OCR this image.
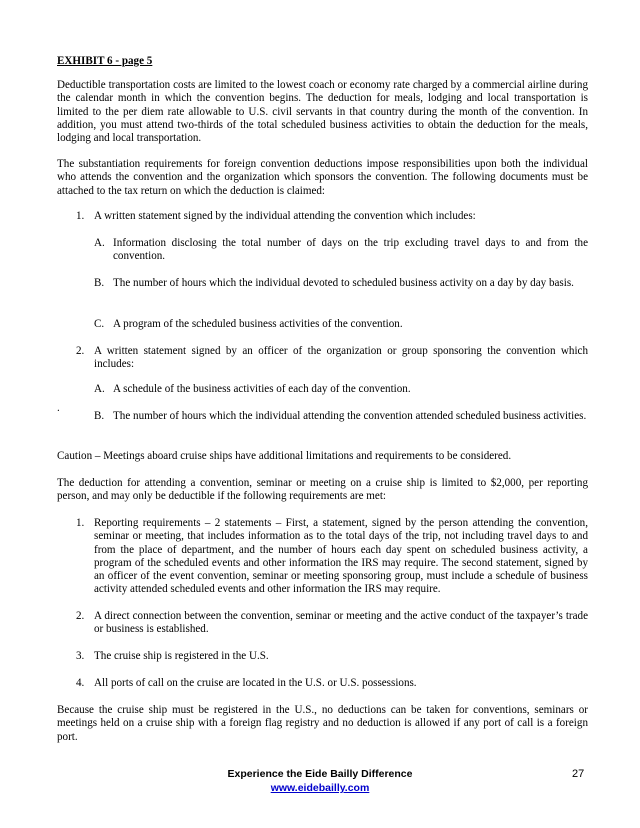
EXHIBIT 6 - page 5

Deductible transportation costs are limited to the lowest coach or economy rate charged by a commercial airline during the calendar month in which the convention begins. The deduction for meals, lodging and local transportation is limited to the per diem rate allowable to U.S. civil servants in that country during the month of the convention. In addition, you must attend two-thirds of the total scheduled business activities to obtain the deduction for the meals, lodging and local transportation.

The substantiation requirements for foreign convention deductions impose responsibilities upon both the individual who attends the convention and the organization which sponsors the convention. The following documents must be attached to the tax return on which the deduction is claimed:

1. A written statement signed by the individual attending the convention which includes:

A. Information disclosing the total number of days on the trip excluding travel days to and from the convention.

B. The number of hours which the individual devoted to scheduled business activity on a day by day basis.

C. A program of the scheduled business activities of the convention.

2. A written statement signed by an officer of the organization or group sponsoring the convention which includes:

A. A schedule of the business activities of each day of the convention.

.
B. The number of hours which the individual attending the convention attended scheduled business activities.

Caution – Meetings aboard cruise ships have additional limitations and requirements to be considered.

The deduction for attending a convention, seminar or meeting on a cruise ship is limited to $2,000, per reporting person, and may only be deductible if the following requirements are met:

1. Reporting requirements – 2 statements – First, a statement, signed by the person attending the convention, seminar or meeting, that includes information as to the total days of the trip, not including travel days to and from the place of department, and the number of hours each day spent on scheduled business activity, a program of the scheduled events and other information the IRS may require. The second statement, signed by an officer of the event convention, seminar or meeting sponsoring group, must include a schedule of business activity attended scheduled events and other information the IRS may require.

2. A direct connection between the convention, seminar or meeting and the active conduct of the taxpayer’s trade or business is established.

3. The cruise ship is registered in the U.S.

4. All ports of call on the cruise are located in the U.S. or U.S. possessions.

Because the cruise ship must be registered in the U.S., no deductions can be taken for conventions, seminars or meetings held on a cruise ship with a foreign flag registry and no deduction is allowed if any port of call is a foreign port.

Experience the Eide Bailly Difference
www.eidebailly.com
27
